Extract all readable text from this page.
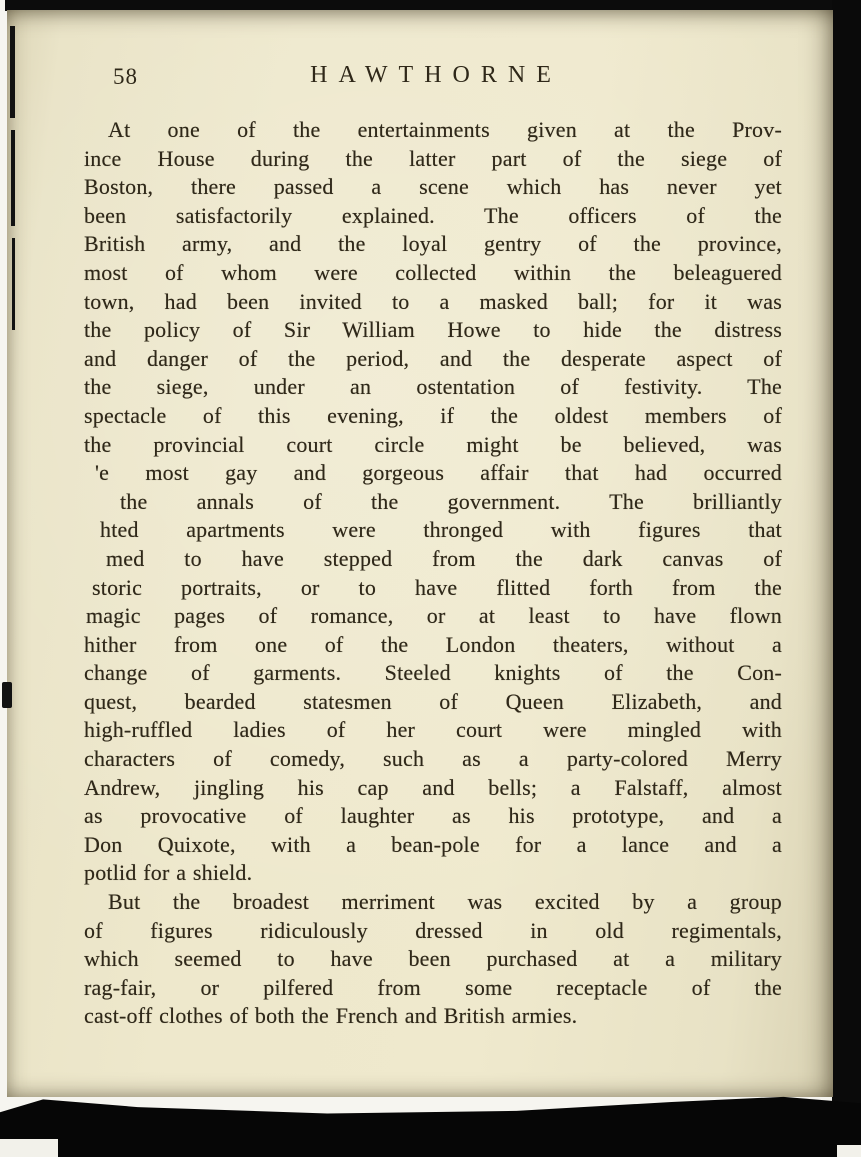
58	HAWTHORNE
At one of the entertainments given at the Prov-
ince House during the latter part of the siege of
Boston, there passed a scene which has never yet
been satisfactorily explained. The officers of the
British army, and the loyal gentry of the province,
most of whom were collected within the beleaguered
town, had been invited to a masked ball; for it was
the policy of Sir William Howe to hide the distress
and danger of the period, and the desperate aspect of
the siege, under an ostentation of festivity. The
spectacle of this evening, if the oldest members of
the provincial court circle might be believed, was
'e most gay and gorgeous affair that had occurred
the annals of the government. The brilliantly
hted apartments were thronged with figures that
med to have stepped from the dark canvas of
storic portraits, or to have flitted forth from the
magic pages of romance, or at least to have flown
hither from one of the London theaters, without a
change of garments. Steeled knights of the Con-
quest, bearded statesmen of Queen Elizabeth, and
high-ruffled ladies of her court were mingled with
characters of comedy, such as a party-colored Merry
Andrew, jingling his cap and bells; a Falstaff, almost
as provocative of laughter as his prototype, and a
Don Quixote, with a bean-pole for a lance and a
potlid for a shield.
But the broadest merriment was excited by a group
of figures ridiculously dressed in old regimentals,
which seemed to have been purchased at a military
rag-fair, or pilfered from some receptacle of the
cast-off clothes of both the French and British armies.
